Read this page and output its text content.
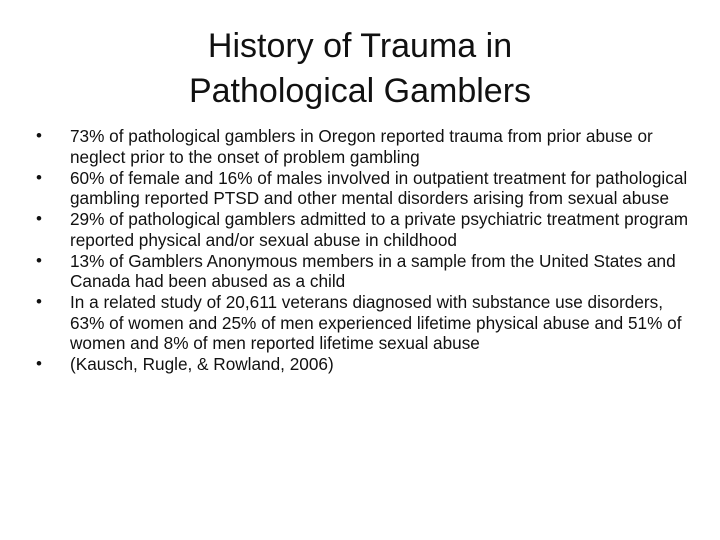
History of Trauma in
Pathological Gamblers
•	73% of pathological gamblers in Oregon reported trauma from prior abuse or neglect prior to the onset of problem gambling
•	60% of female and 16% of males involved in outpatient treatment for pathological gambling reported PTSD and other mental disorders arising from sexual abuse
•	29% of pathological gamblers admitted to a private psychiatric treatment program reported physical and/or sexual abuse in childhood
•	13% of Gamblers Anonymous members in a sample from the United States and Canada had been abused as a child
•	In a related study of 20,611 veterans diagnosed with substance use disorders, 63% of women and 25% of men experienced lifetime physical abuse and 51% of women and 8% of men reported lifetime sexual abuse
•	(Kausch, Rugle, & Rowland, 2006)
